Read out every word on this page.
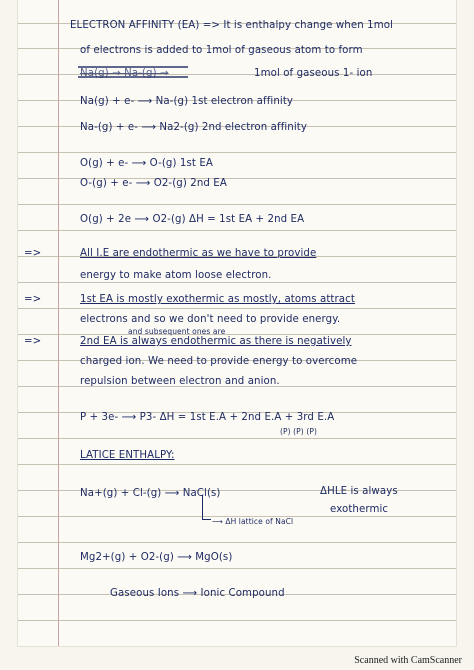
ELECTRON AFFINITY (EA) => It is enthalpy change when 1mol
of electrons is added to 1mol of gaseous atom to form
Na(g) → Na-(g) →	1mol of gaseous 1- ion
Na(g) + e- ⟶ Na-(g) 1st electron affinity
Na-(g) + e- ⟶ Na2-(g) 2nd electron affinity
O(g) + e- ⟶ O-(g) 1st EA
O-(g) + e- ⟶ O2-(g) 2nd EA
O(g) + 2e ⟶ O2-(g) ΔH = 1st EA + 2nd EA
=>	All I.E are endothermic as we have to provide
energy to make atom loose electron.
=>	1st EA is mostly exothermic as mostly, atoms attract
electrons and so we don't need to provide energy.
and subsequent ones are
=>	2nd EA is always endothermic as there is negatively
charged ion. We need to provide energy to overcome
repulsion between electron and anion.
P + 3e- ⟶ P3- ΔH = 1st E.A + 2nd E.A + 3rd E.A
(P) (P) (P)
LATICE ENTHALPY:
Na+(g) + Cl-(g) ⟶ NaCl(s)	ΔHLE is always
exothermic
⟶ ΔH lattice of NaCl
Mg2+(g) + O2-(g) ⟶ MgO(s)
Gaseous Ions ⟶ Ionic Compound
Scanned with CamScanner
